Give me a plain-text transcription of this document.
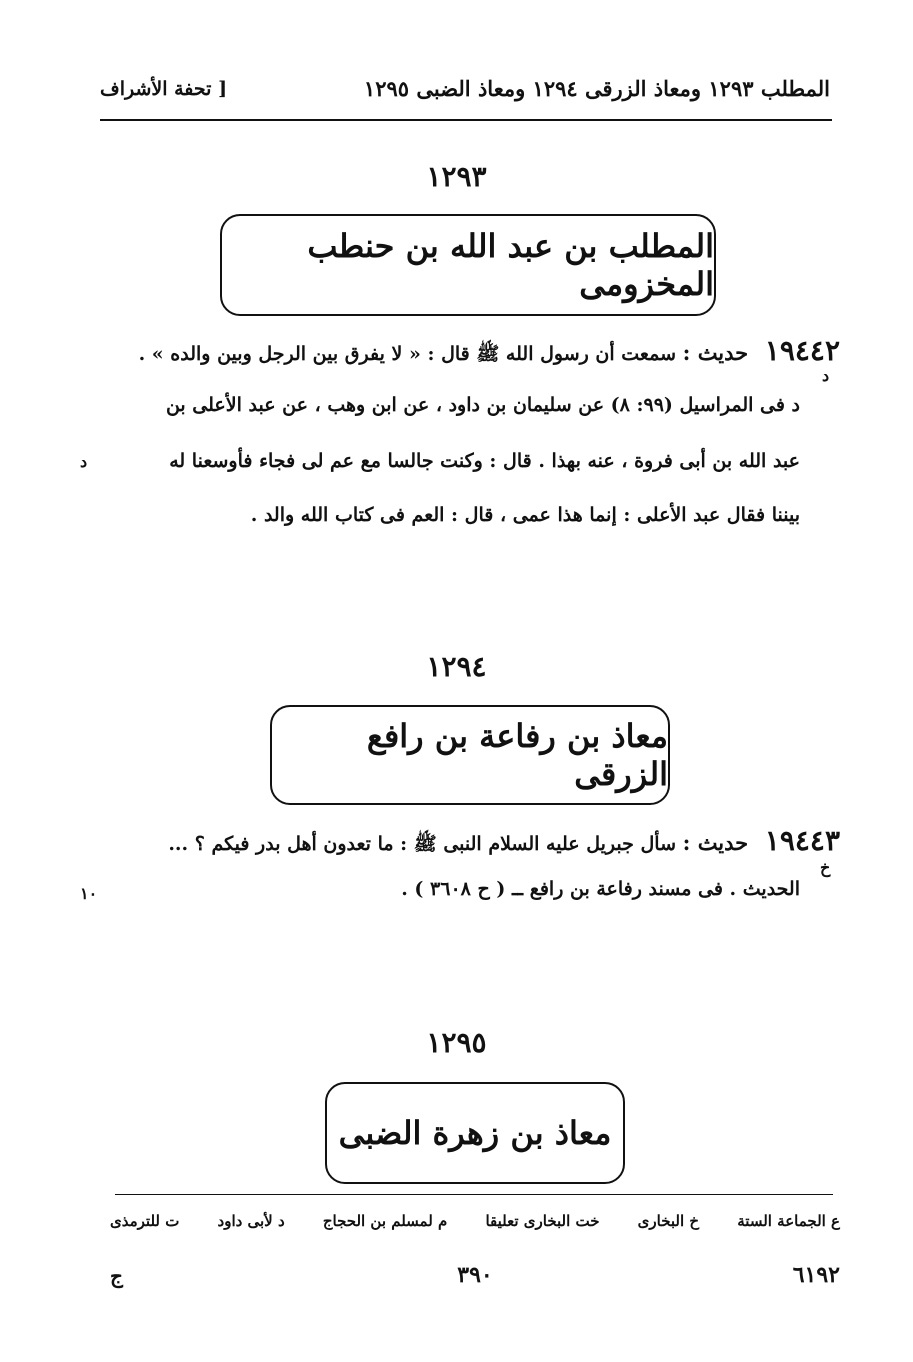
المطلب ١٢٩٣ ومعاذ الزرقى ١٢٩٤ ومعاذ الضبى ١٢٩٥
[ تحفة الأشراف
١٢٩٣
المطلب بن عبد الله بن حنطب المخزومى
١٩٤٤٢ حديث : سمعت أن رسول الله ﷺ قال : « لا يفرق بين الرجل وبين والده » .
د فى المراسيل (٩٩: ٨) عن سليمان بن داود ، عن ابن وهب ، عن عبد الأعلى بن
عبد الله بن أبى فروة ، عنه بهذا . قال : وكنت جالسا مع عم لى فجاء فأوسعنا له
بيننا فقال عبد الأعلى : إنما هذا عمى ، قال : العم فى كتاب الله والد .
د
د
١٢٩٤
معاذ بن رفاعة بن رافع الزرقى
١٩٤٤٣ حديث : سأل جبريل عليه السلام النبى ﷺ : ما تعدون أهل بدر فيكم ؟ ...
الحديث . فى مسند رفاعة بن رافع ــ ( ح ٣٦٠٨ ) .
خ
١٠
١٢٩٥
معاذ بن زهرة الضبى
ع الجماعة الستة
خ البخارى
خت البخارى تعليقا
م لمسلم بن الحجاج
د لأبى داود
ت للترمذى
٦١٩٢
٣٩٠
ج
